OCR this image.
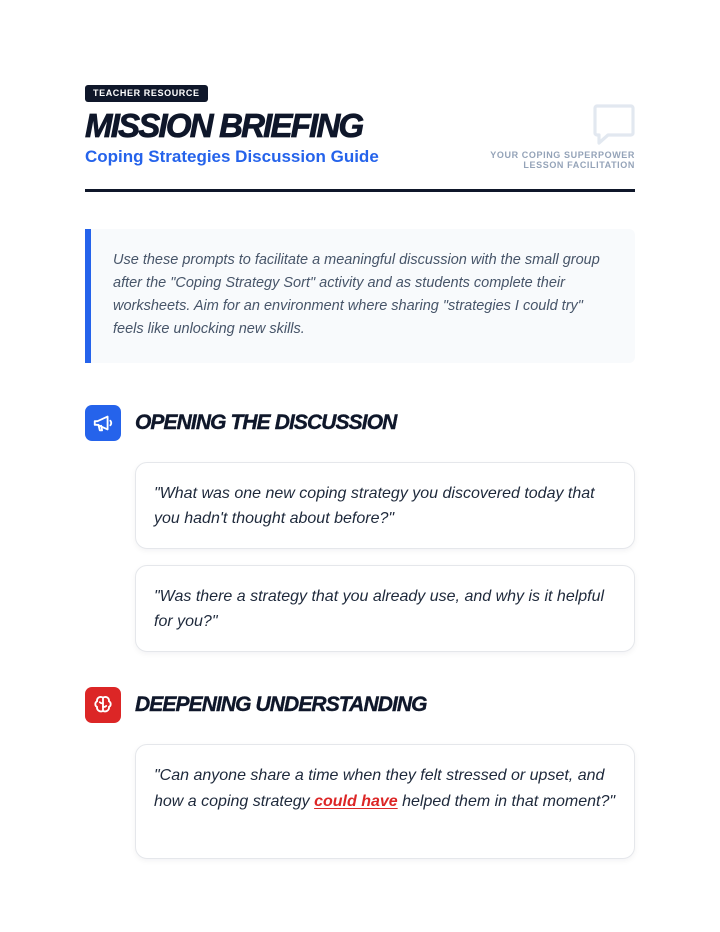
TEACHER RESOURCE
MISSION BRIEFING
Coping Strategies Discussion Guide	YOUR COPING SUPERPOWER
LESSON FACILITATION

Use these prompts to facilitate a meaningful discussion with the small group after the "Coping Strategy Sort" activity and as students complete their worksheets. Aim for an environment where sharing "strategies I could try" feels like unlocking new skills.

OPENING THE DISCUSSION

"What was one new coping strategy you discovered today that you hadn't thought about before?"

"Was there a strategy that you already use, and why is it helpful for you?"

DEEPENING UNDERSTANDING

"Can anyone share a time when they felt stressed or upset, and how a coping strategy could have helped them in that moment?"
